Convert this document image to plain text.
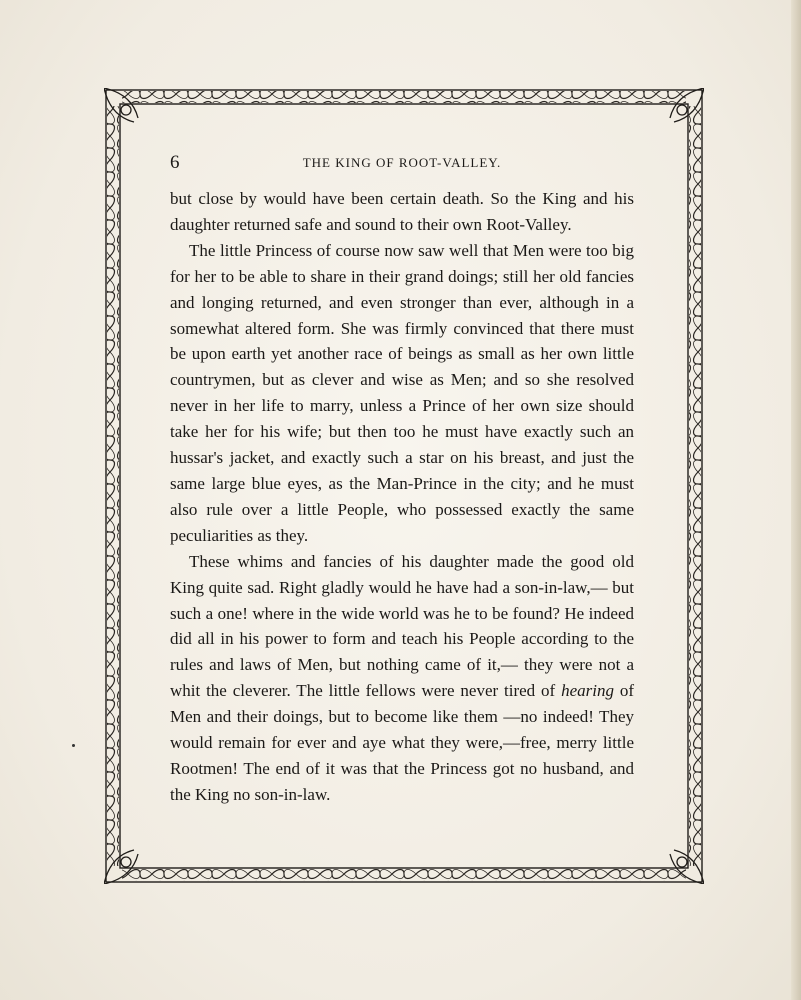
6	THE KING OF ROOT-VALLEY.

but close by would have been certain death. So the King and his daughter returned safe and sound to their own Root-Valley.

The little Princess of course now saw well that Men were too big for her to be able to share in their grand doings; still her old fancies and longing returned, and even stronger than ever, although in a somewhat altered form. She was firmly convinced that there must be upon earth yet another race of beings as small as her own little countrymen, but as clever and wise as Men; and so she resolved never in her life to marry, unless a Prince of her own size should take her for his wife; but then too he must have exactly such an hussar's jacket, and exactly such a star on his breast, and just the same large blue eyes, as the Man-Prince in the city; and he must also rule over a little People, who possessed exactly the same peculiarities as they.

These whims and fancies of his daughter made the good old King quite sad. Right gladly would he have had a son-in-law,— but such a one! where in the wide world was he to be found? He indeed did all in his power to form and teach his People according to the rules and laws of Men, but nothing came of it,— they were not a whit the cleverer. The little fellows were never tired of hearing of Men and their doings, but to become like them —no indeed! They would remain for ever and aye what they were,—free, merry little Rootmen! The end of it was that the Princess got no husband, and the King no son-in-law.
